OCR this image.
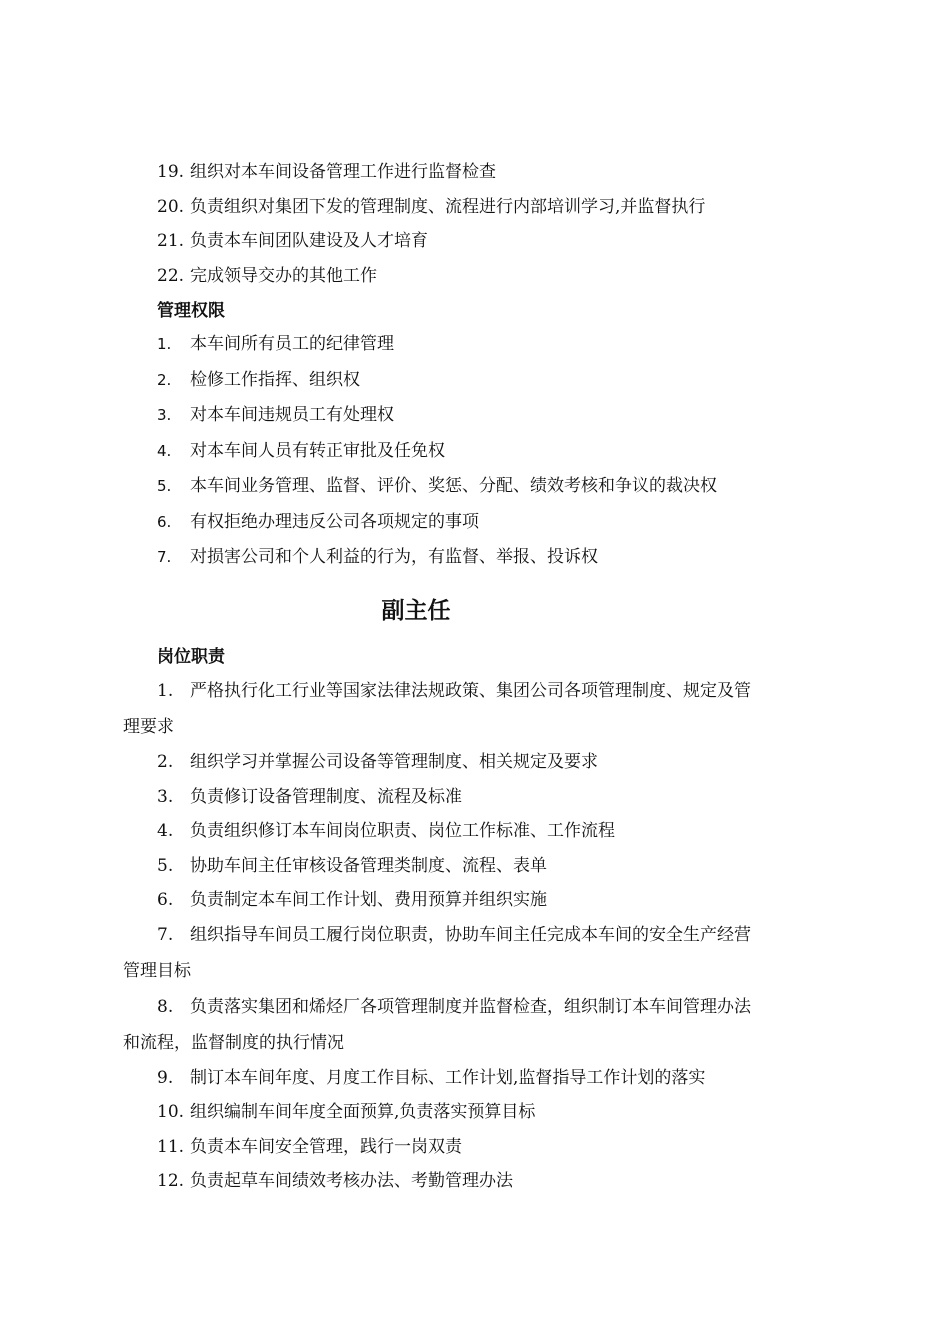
19. 组织对本车间设备管理工作进行监督检查
20. 负责组织对集团下发的管理制度、流程进行内部培训学习,并监督执行
21. 负责本车间团队建设及人才培育
22. 完成领导交办的其他工作
管理权限
1. 本车间所有员工的纪律管理
2. 检修工作指挥、组织权
3. 对本车间违规员工有处理权
4. 对本车间人员有转正审批及任免权
5. 本车间业务管理、监督、评价、奖惩、分配、绩效考核和争议的裁决权
6. 有权拒绝办理违反公司各项规定的事项
7. 对损害公司和个人利益的行为，有监督、举报、投诉权
副主任
岗位职责
1. 严格执行化工行业等国家法律法规政策、集团公司各项管理制度、规定及管
理要求
2. 组织学习并掌握公司设备等管理制度、相关规定及要求
3. 负责修订设备管理制度、流程及标准
4. 负责组织修订本车间岗位职责、岗位工作标准、工作流程
5. 协助车间主任审核设备管理类制度、流程、表单
6. 负责制定本车间工作计划、费用预算并组织实施
7. 组织指导车间员工履行岗位职责，协助车间主任完成本车间的安全生产经营
管理目标
8. 负责落实集团和烯烃厂各项管理制度并监督检查，组织制订本车间管理办法
和流程，监督制度的执行情况
9. 制订本车间年度、月度工作目标、工作计划,监督指导工作计划的落实
10. 组织编制车间年度全面预算,负责落实预算目标
11. 负责本车间安全管理，践行一岗双责
12. 负责起草车间绩效考核办法、考勤管理办法
